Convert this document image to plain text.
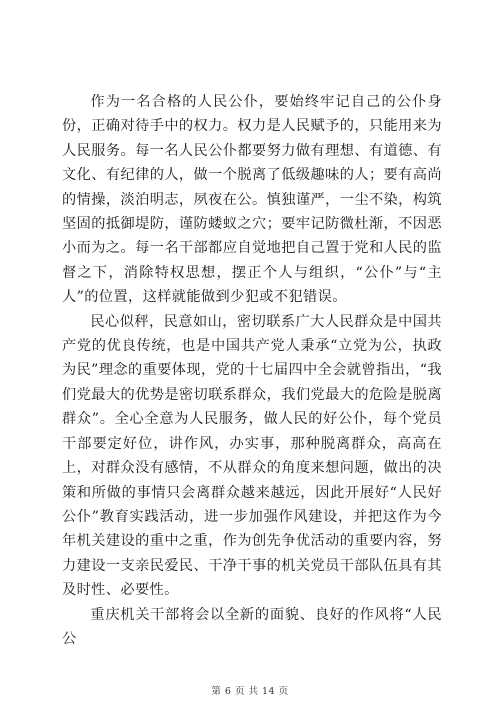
作为一名合格的人民公仆，要始终牢记自己的公仆身份，正确对待手中的权力。权力是人民赋予的，只能用来为人民服务。每一名人民公仆都要努力做有理想、有道德、有文化、有纪律的人，做一个脱离了低级趣味的人；要有高尚的情操，淡泊明志，夙夜在公。慎独谨严，一尘不染，构筑坚固的抵御堤防，谨防蝼蚁之穴；要牢记防微杜渐，不因恶小而为之。每一名干部都应自觉地把自己置于党和人民的监督之下，消除特权思想，摆正个人与组织，“公仆”与“主人”的位置，这样就能做到少犯或不犯错误。

民心似秤，民意如山，密切联系广大人民群众是中国共产党的优良传统，也是中国共产党人秉承“立党为公，执政为民”理念的重要体现，党的十七届四中全会就曾指出，“我们党最大的优势是密切联系群众，我们党最大的危险是脱离群众”。全心全意为人民服务，做人民的好公仆，每个党员干部要定好位，讲作风，办实事，那种脱离群众，高高在上，对群众没有感情，不从群众的角度来想问题，做出的决策和所做的事情只会离群众越来越远，因此开展好“人民好公仆”教育实践活动，进一步加强作风建设，并把这作为今年机关建设的重中之重，作为创先争优活动的重要内容，努力建设一支亲民爱民、干净干事的机关党员干部队伍具有其及时性、必要性。

重庆机关干部将会以全新的面貌、良好的作风将“人民公

第 6 页 共 14 页
